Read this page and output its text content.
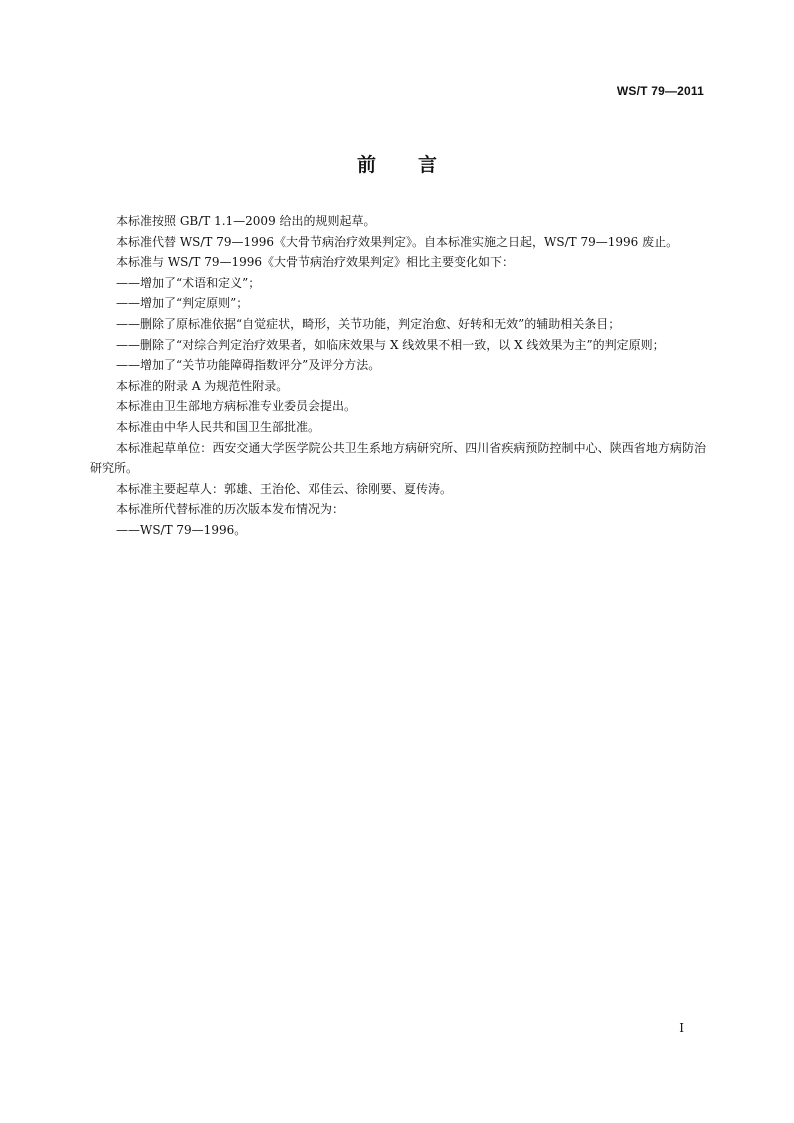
WS/T 79—2011
前言

本标准按照 GB/T 1.1—2009 给出的规则起草。

本标准代替 WS/T 79—1996《大骨节病治疗效果判定》。自本标准实施之日起，WS/T 79—1996 废止。

本标准与 WS/T 79—1996《大骨节病治疗效果判定》相比主要变化如下：

—— 增加了“术语和定义”；
—— 增加了“判定原则”；
—— 删除了原标准依据“自觉症状，畸形，关节功能，判定治愈、好转和无效”的辅助相关条目；
—— 删除了“对综合判定治疗效果者，如临床效果与 X 线效果不相一致，以 X 线效果为主”的判定原则；
—— 增加了“关节功能障碍指数评分”及评分方法。

本标准的附录 A 为规范性附录。

本标准由卫生部地方病标准专业委员会提出。

本标准由中华人民共和国卫生部批准。

本标准起草单位：西安交通大学医学院公共卫生系地方病研究所、四川省疾病预防控制中心、陕西省地方病防治研究所。

本标准主要起草人：郭雄、王治伦、邓佳云、徐刚要、夏传涛。

本标准所代替标准的历次版本发布情况为：

—— WS/T 79—1996。
I
